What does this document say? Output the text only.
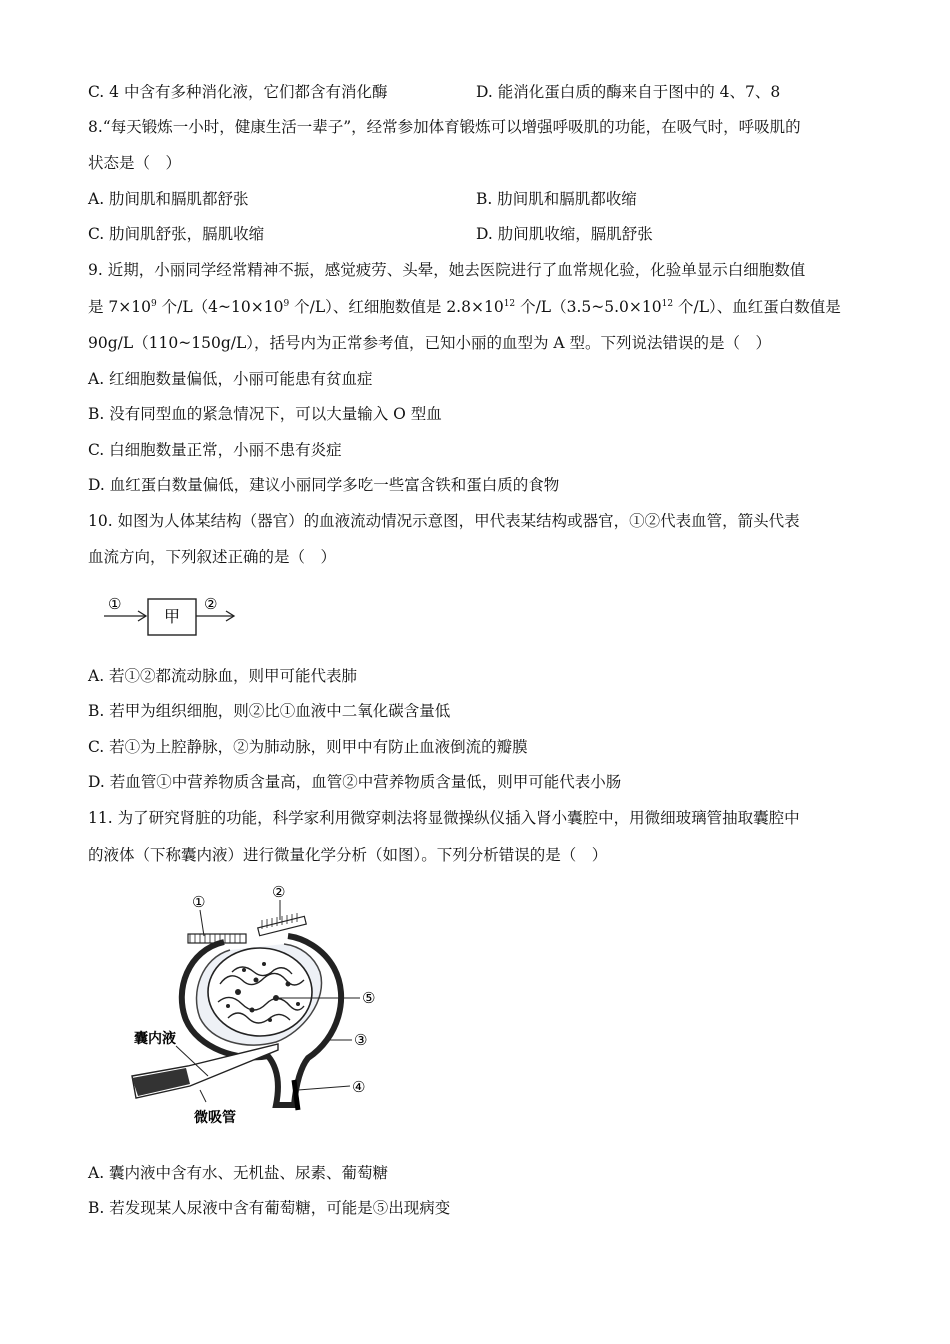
C. 4 中含有多种消化液，它们都含有消化酶	D. 能消化蛋白质的酶来自于图中的 4、7、8
8.“每天锻炼一小时，健康生活一辈子”，经常参加体育锻炼可以增强呼吸肌的功能，在吸气时，呼吸肌的
状态是（　）
A. 肋间肌和膈肌都舒张	B. 肋间肌和膈肌都收缩
C. 肋间肌舒张，膈肌收缩	D. 肋间肌收缩，膈肌舒张
9. 近期，小丽同学经常精神不振，感觉疲劳、头晕，她去医院进行了血常规化验，化验单显示白细胞数值
是 $7\times 10^9$ 个$/L(4\sim 10\times 10^9$ 个/L）、红细胞数值是 $2.8\times 10^{12}$ 个$/L(3.5\sim 5.0\times 10^{12}$ 个/L）、血红蛋白数值是
90g/L（110~150g/L），括号内为正常参考值，已知小丽的血型为 A 型。下列说法错误的是（　）
A. 红细胞数量偏低，小丽可能患有贫血症
B. 没有同型血的紧急情况下，可以大量输入 O 型血
C. 白细胞数量正常，小丽不患有炎症
D. 血红蛋白数量偏低，建议小丽同学多吃一些富含铁和蛋白质的食物
10. 如图为人体某结构（器官）的血液流动情况示意图，甲代表某结构或器官，①②代表血管，箭头代表
血流方向，下列叙述正确的是（　）
①
甲
②
A. 若①②都流动脉血，则甲可能代表肺
B. 若甲为组织细胞，则②比①血液中二氧化碳含量低
C. 若①为上腔静脉，②为肺动脉，则甲中有防止血液倒流的瓣膜
D. 若血管①中营养物质含量高，血管②中营养物质含量低，则甲可能代表小肠
11. 为了研究肾脏的功能，科学家利用微穿刺法将显微操纵仪插入肾小囊腔中，用微细玻璃管抽取囊腔中
的液体（下称囊内液）进行微量化学分析（如图）。下列分析错误的是（　）
①
②
⑤
③
④
囊内液
微吸管
A. 囊内液中含有水、无机盐、尿素、葡萄糖
B. 若发现某人尿液中含有葡萄糖，可能是⑤出现病变
